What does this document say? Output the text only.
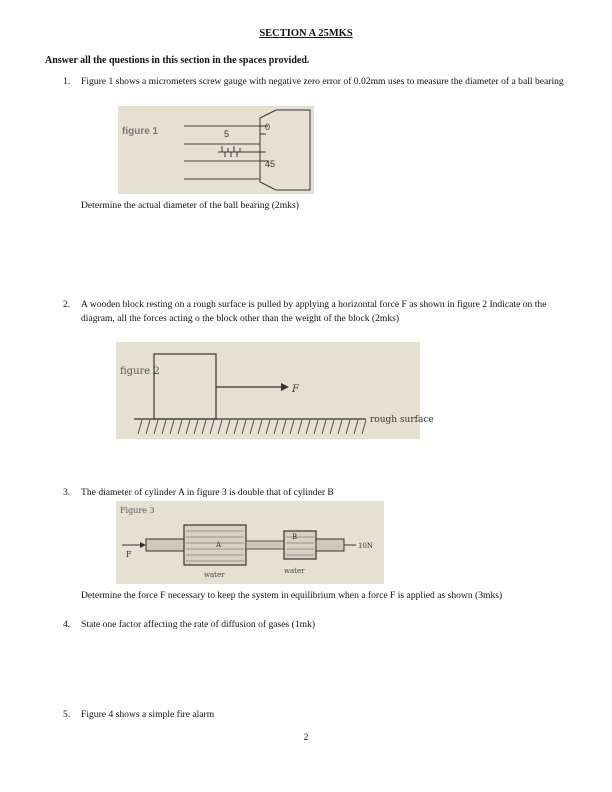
SECTION A 25MKS
Answer all the questions in this section in the spaces provided.
1. Figure 1 shows a micrometers screw gauge with negative zero error of 0.02mm uses to measure the diameter of a ball bearing
figure 1	5
0
45
Determine the actual diameter of the ball bearing (2mks)
2. A wooden block resting on a rough surface is pulled by applying a horizontal force F as shown in figure 2 Indicate on the diagram, all the forces acting o the block other than the weight of the block (2mks)
figure 2
F
rough surface
3. The diameter of cylinder A in figure 3 is double that of cylinder B
Figure 3
F
A
B
10N
water	water
Determine the force F necessary to keep the system in equilibrium when a force F is applied as shown (3mks)
4. State one factor affecting the rate of diffusion of gases (1mk)
5. Figure 4 shows a simple fire alarm
2
